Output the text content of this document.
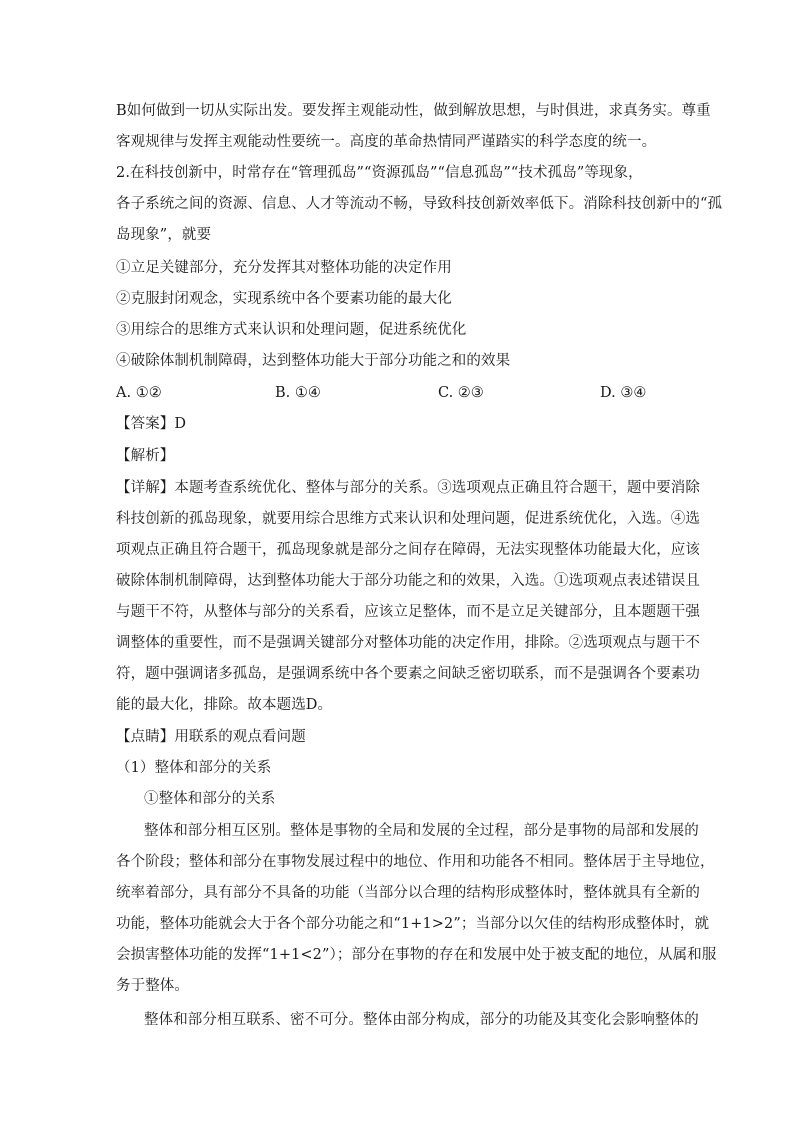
B如何做到一切从实际出发。要发挥主观能动性，做到解放思想，与时俱进，求真务实。尊重
客观规律与发挥主观能动性要统一。高度的革命热情同严谨踏实的科学态度的统一。
2.在科技创新中，时常存在“管理孤岛”“资源孤岛”“信息孤岛”“技术孤岛”等现象，
各子系统之间的资源、信息、人才等流动不畅，导致科技创新效率低下。消除科技创新中的“孤
岛现象”，就要
①立足关键部分，充分发挥其对整体功能的决定作用
②克服封闭观念，实现系统中各个要素功能的最大化
③用综合的思维方式来认识和处理问题，促进系统优化
④破除体制机制障碍，达到整体功能大于部分功能之和的效果
A. ①②	B. ①④	C. ②③	D. ③④
【答案】D
【解析】
【详解】本题考查系统优化、整体与部分的关系。③选项观点正确且符合题干，题中要消除
科技创新的孤岛现象，就要用综合思维方式来认识和处理问题，促进系统优化，入选。④选
项观点正确且符合题干，孤岛现象就是部分之间存在障碍，无法实现整体功能最大化，应该
破除体制机制障碍，达到整体功能大于部分功能之和的效果，入选。①选项观点表述错误且
与题干不符，从整体与部分的关系看，应该立足整体，而不是立足关键部分，且本题题干强
调整体的重要性，而不是强调关键部分对整体功能的决定作用，排除。②选项观点与题干不
符，题中强调诸多孤岛，是强调系统中各个要素之间缺乏密切联系，而不是强调各个要素功
能的最大化，排除。故本题选D。
【点睛】用联系的观点看问题
（1）整体和部分的关系
①整体和部分的关系
整体和部分相互区别。整体是事物的全局和发展的全过程，部分是事物的局部和发展的
各个阶段；整体和部分在事物发展过程中的地位、作用和功能各不相同。整体居于主导地位，
统率着部分，具有部分不具备的功能（当部分以合理的结构形成整体时，整体就具有全新的
功能，整体功能就会大于各个部分功能之和“1+1>2”；当部分以欠佳的结构形成整体时，就
会损害整体功能的发挥“1+1<2”）；部分在事物的存在和发展中处于被支配的地位，从属和服
务于整体。
整体和部分相互联系、密不可分。整体由部分构成，部分的功能及其变化会影响整体的
